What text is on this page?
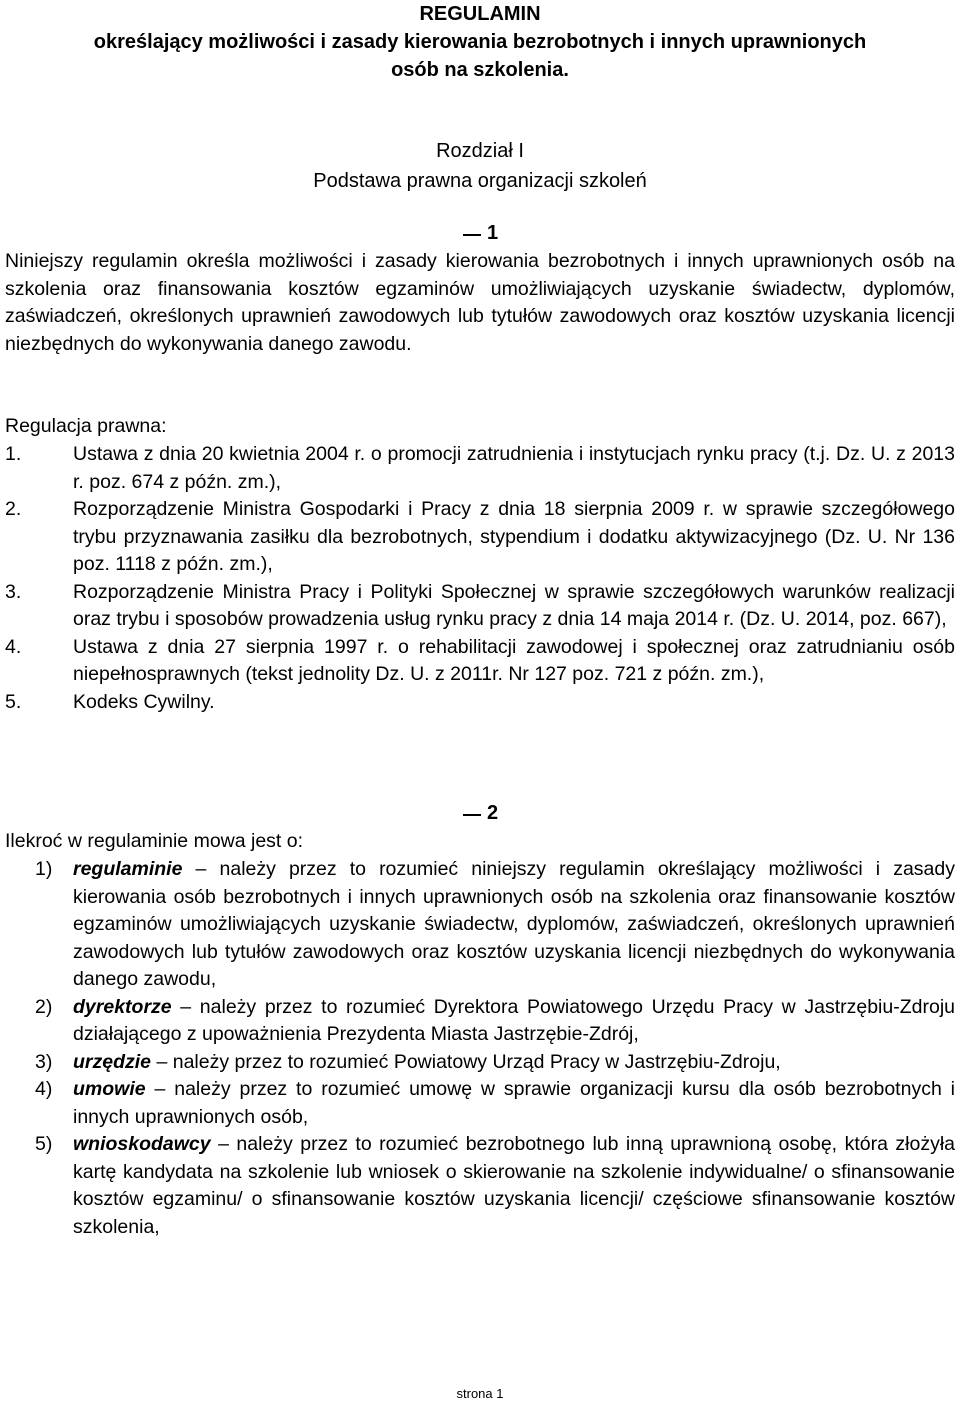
REGULAMIN
określający możliwości i zasady kierowania bezrobotnych i innych uprawnionych
osób na szkolenia.
Rozdział I
Podstawa prawna organizacji szkoleń
1
Niniejszy regulamin określa możliwości i zasady kierowania bezrobotnych i innych uprawnionych osób na szkolenia oraz finansowania kosztów egzaminów umożliwiających uzyskanie świadectw, dyplomów, zaświadczeń, określonych uprawnień zawodowych lub tytułów zawodowych oraz kosztów uzyskania licencji niezbędnych do wykonywania danego zawodu.
Regulacja prawna:
1.	Ustawa z dnia 20 kwietnia 2004 r. o promocji zatrudnienia i instytucjach rynku pracy (t.j. Dz. U. z 2013 r. poz. 674 z późn. zm.),
2.	Rozporządzenie Ministra Gospodarki i Pracy z dnia 18 sierpnia 2009 r. w sprawie szczegółowego trybu przyznawania zasiłku dla bezrobotnych, stypendium i dodatku aktywizacyjnego (Dz. U. Nr 136 poz. 1118 z późn. zm.),
3.	Rozporządzenie Ministra Pracy i Polityki Społecznej w sprawie szczegółowych warunków realizacji oraz trybu i sposobów prowadzenia usług rynku pracy z dnia 14 maja 2014 r. (Dz. U. 2014, poz. 667),
4.	Ustawa z dnia 27 sierpnia 1997 r. o rehabilitacji zawodowej i społecznej oraz zatrudnianiu osób niepełnosprawnych (tekst jednolity Dz. U. z 2011r. Nr 127 poz. 721 z późn. zm.),
5.	Kodeks Cywilny.
2
Ilekroć w regulaminie mowa jest o:
1) regulaminie – należy przez to rozumieć niniejszy regulamin określający możliwości i zasady kierowania osób bezrobotnych i innych uprawnionych osób na szkolenia oraz finansowanie kosztów egzaminów umożliwiających uzyskanie świadectw, dyplomów, zaświadczeń, określonych uprawnień zawodowych lub tytułów zawodowych oraz kosztów uzyskania licencji niezbędnych do wykonywania danego zawodu,
2) dyrektorze – należy przez to rozumieć Dyrektora Powiatowego Urzędu Pracy w Jastrzębiu-Zdroju działającego z upoważnienia Prezydenta Miasta Jastrzębie-Zdrój,
3) urzędzie – należy przez to rozumieć Powiatowy Urząd Pracy w Jastrzębiu-Zdroju,
4) umowie – należy przez to rozumieć umowę w sprawie organizacji kursu dla osób bezrobotnych i innych uprawnionych osób,
5) wnioskodawcy – należy przez to rozumieć bezrobotnego lub inną uprawnioną osobę, która złożyła kartę kandydata na szkolenie lub wniosek o skierowanie na szkolenie indywidualne/ o sfinansowanie kosztów egzaminu/ o sfinansowanie kosztów uzyskania licencji/ częściowe sfinansowanie kosztów szkolenia,
strona 1
